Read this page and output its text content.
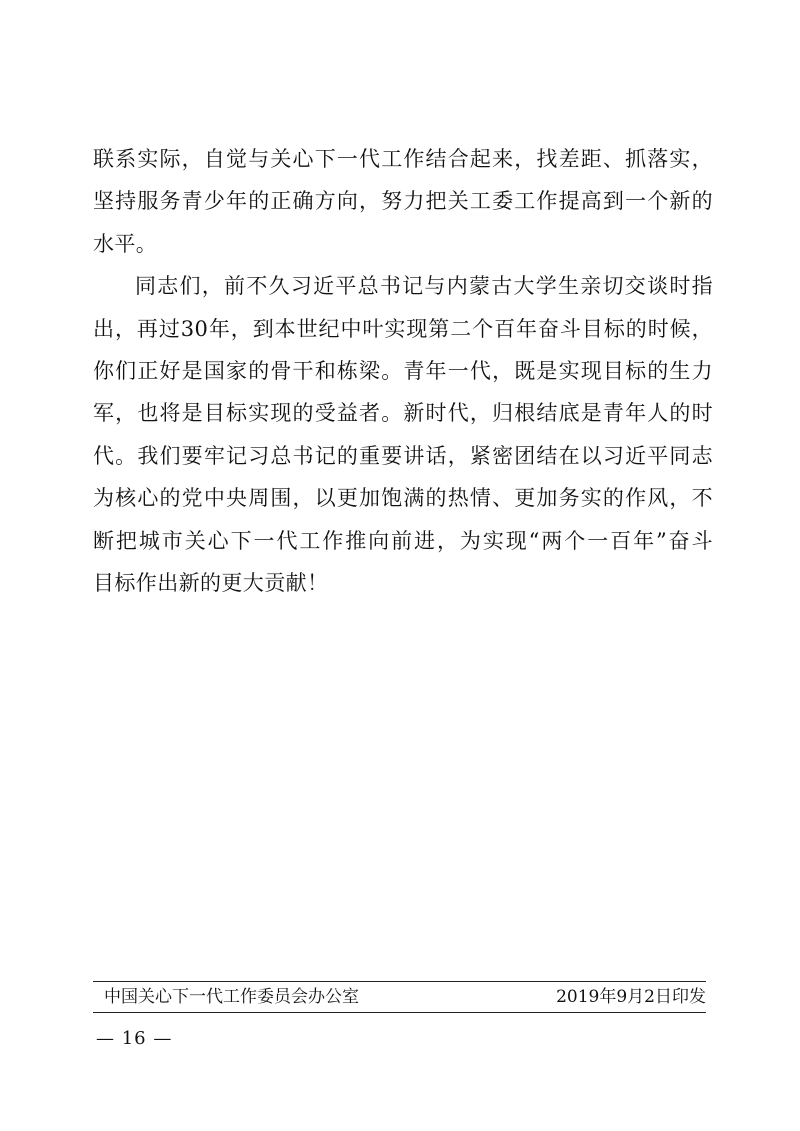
联系实际，自觉与关心下一代工作结合起来，找差距、抓落实，
坚持服务青少年的正确方向，努力把关工委工作提高到一个新的
水平。
同志们，前不久习近平总书记与内蒙古大学生亲切交谈时指
出，再过30年，到本世纪中叶实现第二个百年奋斗目标的时候，
你们正好是国家的骨干和栋梁。青年一代，既是实现目标的生力
军，也将是目标实现的受益者。新时代，归根结底是青年人的时
代。我们要牢记习总书记的重要讲话，紧密团结在以习近平同志
为核心的党中央周围，以更加饱满的热情、更加务实的作风，不
断把城市关心下一代工作推向前进，为实现“两个一百年”奋斗
目标作出新的更大贡献！
中国关心下一代工作委员会办公室	2019年9月2日印发
— 16 —
